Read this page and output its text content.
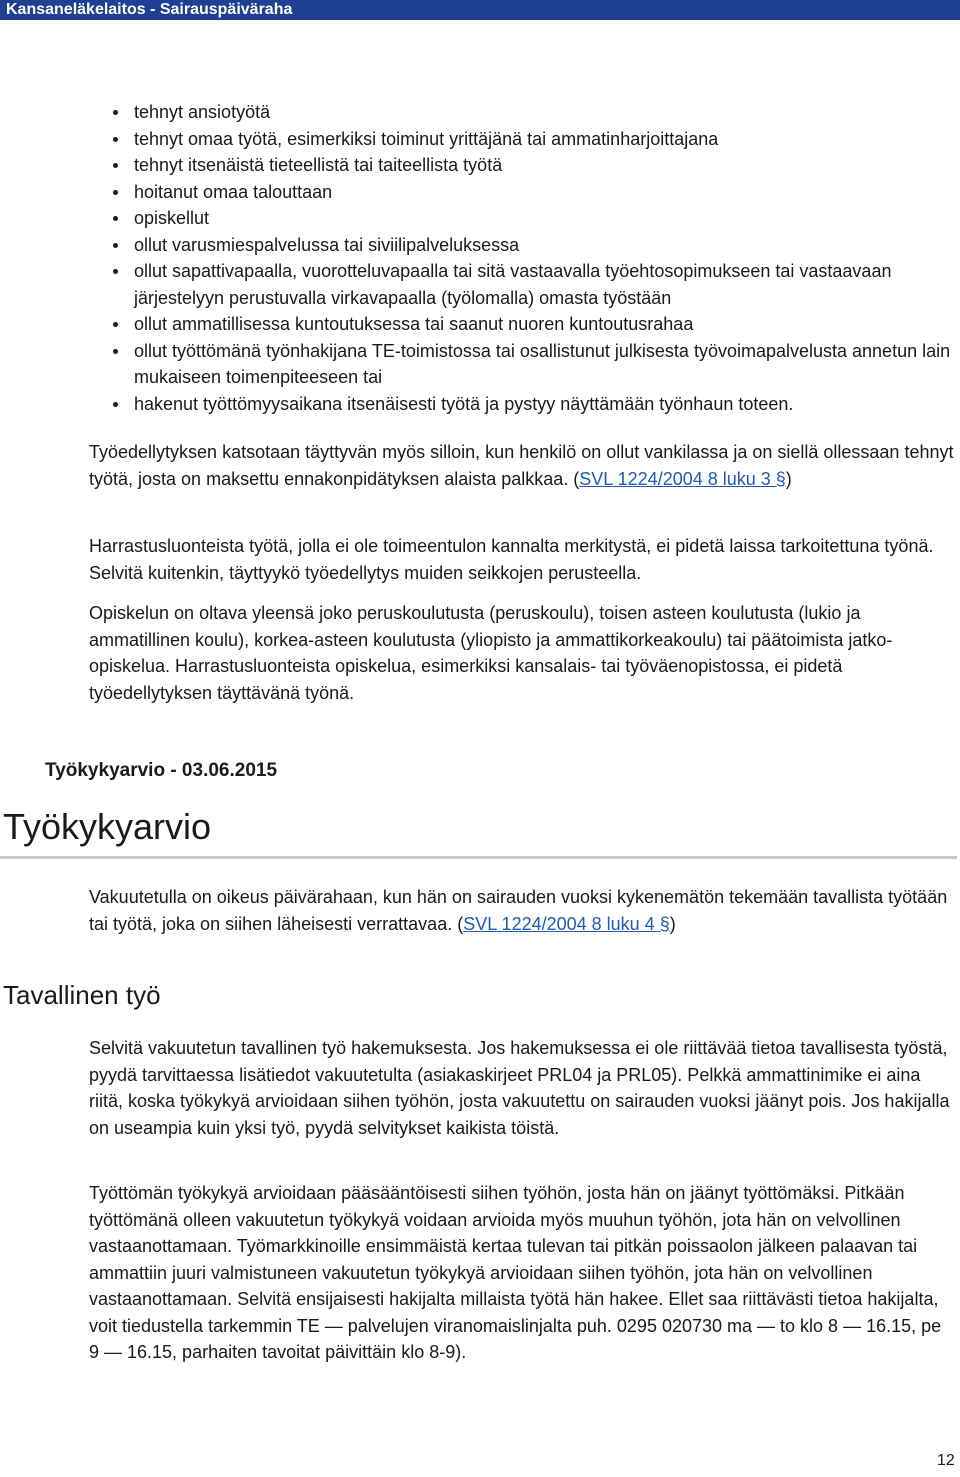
Kansaneläkelaitos - Sairauspäiväraha
tehnyt ansiotyötä
tehnyt omaa työtä, esimerkiksi toiminut yrittäjänä tai ammatinharjoittajana
tehnyt itsenäistä tieteellistä tai taiteellista työtä
hoitanut omaa talouttaan
opiskellut
ollut varusmiespalvelussa tai siviilipalveluksessa
ollut sapattivapaalla, vuorotteluvapaalla tai sitä vastaavalla työehtosopimukseen tai vastaavaan järjestelyyn perustuvalla virkavapaalla (työlomalla) omasta työstään
ollut ammatillisessa kuntoutuksessa tai saanut nuoren kuntoutusrahaa
ollut työttömänä työnhakijana TE-toimistossa tai osallistunut julkisesta työvoimapalvelusta annetun lain mukaiseen toimenpiteeseen tai
hakenut työttömyysaikana itsenäisesti työtä ja pystyy näyttämään työnhaun toteen.

Työedellytyksen katsotaan täyttyvän myös silloin, kun henkilö on ollut vankilassa ja on siellä ollessaan tehnyt työtä, josta on maksettu ennakonpidätyksen alaista palkkaa. (SVL 1224/2004 8 luku 3 §)

Harrastusluonteista työtä, jolla ei ole toimeentulon kannalta merkitystä, ei pidetä laissa tarkoitettuna työnä. Selvitä kuitenkin, täyttyykö työedellytys muiden seikkojen perusteella.

Opiskelun on oltava yleensä joko peruskoulutusta (peruskoulu), toisen asteen koulutusta (lukio ja ammatillinen koulu), korkea-asteen koulutusta (yliopisto ja ammattikorkeakoulu) tai päätoimista jatko-opiskelua. Harrastusluonteista opiskelua, esimerkiksi kansalais- tai työväenopistossa, ei pidetä työedellytyksen täyttävänä työnä.

Työkykyarvio - 03.06.2015
Työkykyarvio
Tavallinen työ

Vakuutetulla on oikeus päivärahaan, kun hän on sairauden vuoksi kykenemätön tekemään tavallista työtään tai työtä, joka on siihen läheisesti verrattavaa. (SVL 1224/2004 8 luku 4 §)

Selvitä vakuutetun tavallinen työ hakemuksesta. Jos hakemuksessa ei ole riittävää tietoa tavallisesta työstä, pyydä tarvittaessa lisätiedot vakuutetulta (asiakaskirjeet PRL04 ja PRL05). Pelkkä ammattinimike ei aina riitä, koska työkykyä arvioidaan siihen työhön, josta vakuutettu on sairauden vuoksi jäänyt pois. Jos hakijalla on useampia kuin yksi työ, pyydä selvitykset kaikista töistä.

Työttömän työkykyä arvioidaan pääsääntöisesti siihen työhön, josta hän on jäänyt työttömäksi. Pitkään työttömänä olleen vakuutetun työkykyä voidaan arvioida myös muuhun työhön, jota hän on velvollinen vastaanottamaan. Työmarkkinoille ensimmäistä kertaa tulevan tai pitkän poissaolon jälkeen palaavan tai ammattiin juuri valmistuneen vakuutetun työkykyä arvioidaan siihen työhön, jota hän on velvollinen vastaanottamaan. Selvitä ensijaisesti hakijalta millaista työtä hän hakee. Ellet saa riittävästi tietoa hakijalta, voit tiedustella tarkemmin TE — palvelujen viranomaislinjalta puh. 0295 020730 ma — to klo 8 — 16.15, pe 9 — 16.15, parhaiten tavoitat päivittäin klo 8-9).

12
